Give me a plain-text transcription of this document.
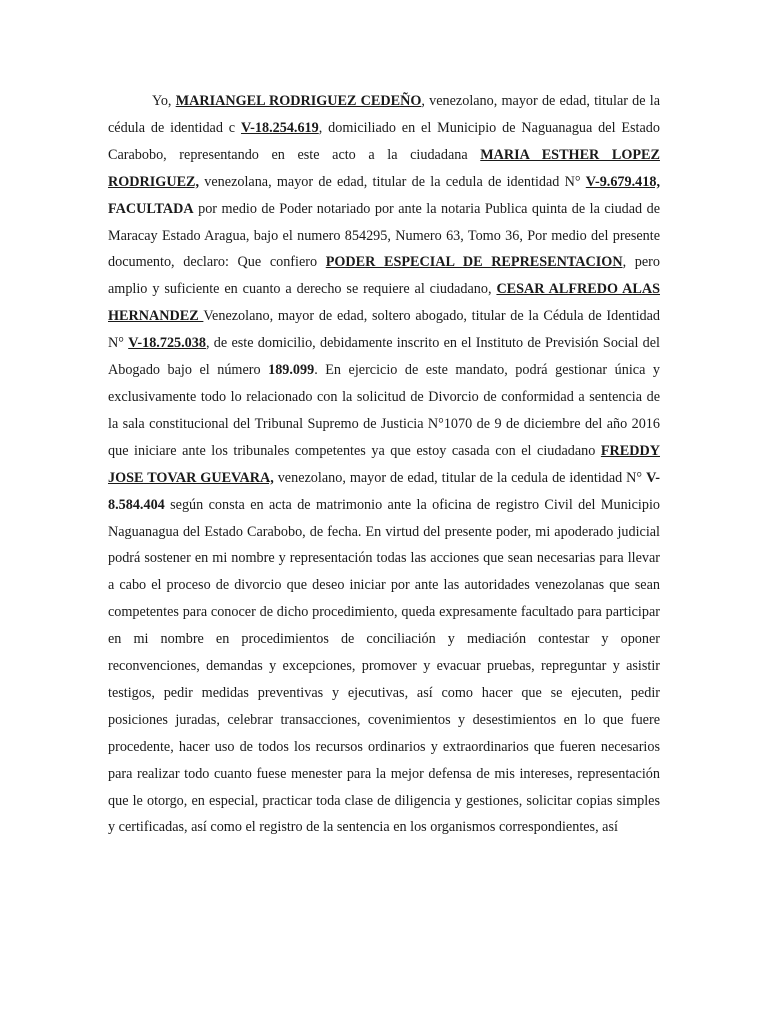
Yo, MARIANGEL RODRIGUEZ CEDEÑO, venezolano, mayor de edad, titular de la cédula de identidad c V-18.254.619, domiciliado en el Municipio de Naguanagua del Estado Carabobo, representando en este acto a la ciudadana MARIA ESTHER LOPEZ RODRIGUEZ, venezolana, mayor de edad, titular de la cedula de identidad N° V-9.679.418, FACULTADA por medio de Poder notariado por ante la notaria Publica quinta de la ciudad de Maracay Estado Aragua, bajo el numero 854295, Numero 63, Tomo 36, Por medio del presente documento, declaro: Que confiero PODER ESPECIAL DE REPRESENTACION, pero amplio y suficiente en cuanto a derecho se requiere al ciudadano, CESAR ALFREDO ALAS HERNANDEZ Venezolano, mayor de edad, soltero abogado, titular de la Cédula de Identidad N° V-18.725.038, de este domicilio, debidamente inscrito en el Instituto de Previsión Social del Abogado bajo el número 189.099. En ejercicio de este mandato, podrá gestionar única y exclusivamente todo lo relacionado con la solicitud de Divorcio de conformidad a sentencia de la sala constitucional del Tribunal Supremo de Justicia N°1070 de 9 de diciembre del año 2016 que iniciare ante los tribunales competentes ya que estoy casada con el ciudadano FREDDY JOSE TOVAR GUEVARA, venezolano, mayor de edad, titular de la cedula de identidad N° V-8.584.404 según consta en acta de matrimonio ante la oficina de registro Civil del Municipio Naguanagua del Estado Carabobo, de fecha. En virtud del presente poder, mi apoderado judicial podrá sostener en mi nombre y representación todas las acciones que sean necesarias para llevar a cabo el proceso de divorcio que deseo iniciar por ante las autoridades venezolanas que sean competentes para conocer de dicho procedimiento, queda expresamente facultado para participar en mi nombre en procedimientos de conciliación y mediación contestar y oponer reconvenciones, demandas y excepciones, promover y evacuar pruebas, repreguntar y asistir testigos, pedir medidas preventivas y ejecutivas, así como hacer que se ejecuten, pedir posiciones juradas, celebrar transacciones, covenimientos y desestimientos en lo que fuere procedente, hacer uso de todos los recursos ordinarios y extraordinarios que fueren necesarios para realizar todo cuanto fuese menester para la mejor defensa de mis intereses, representación que le otorgo, en especial, practicar toda clase de diligencia y gestiones, solicitar copias simples y certificadas, así como el registro de la sentencia en los organismos correspondientes, así
